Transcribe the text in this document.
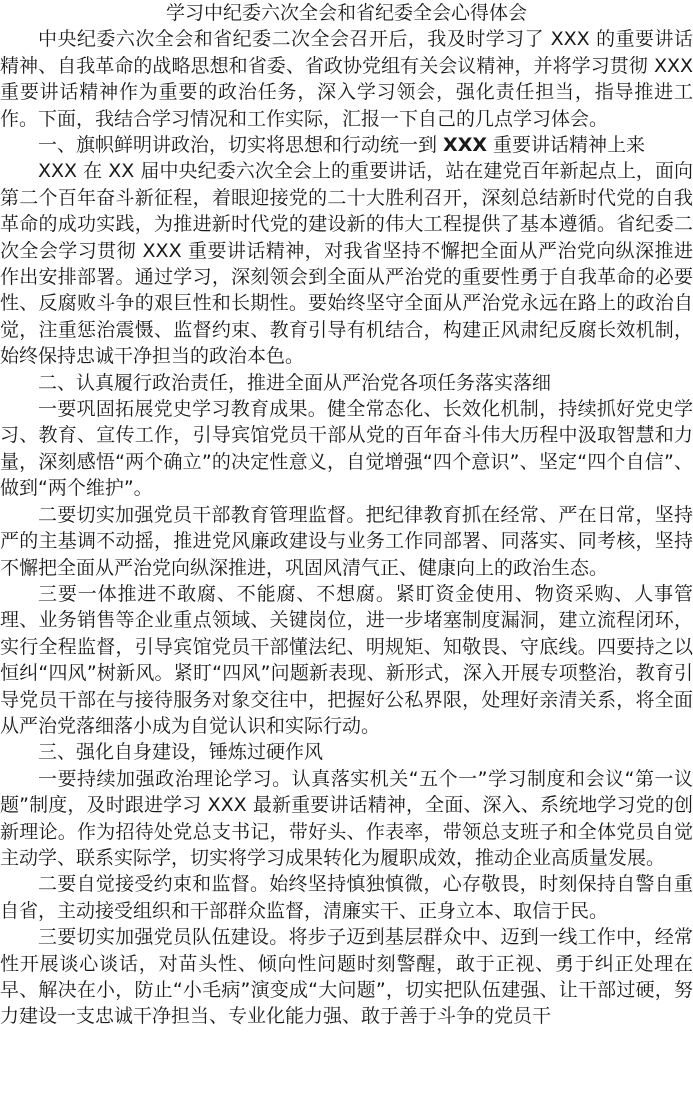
学习中纪委六次全会和省纪委全会心得体会

中央纪委六次全会和省纪委二次全会召开后，我及时学习了 XXX 的重要讲话精神、自我革命的战略思想和省委、省政协党组有关会议精神，并将学习贯彻 XXX 重要讲话精神作为重要的政治任务，深入学习领会，强化责任担当，指导推进工作。下面，我结合学习情况和工作实际，汇报一下自己的几点学习体会。

一、旗帜鲜明讲政治，切实将思想和行动统一到 XXX 重要讲话精神上来

XXX 在 XX 届中央纪委六次全会上的重要讲话，站在建党百年新起点上，面向第二个百年奋斗新征程，着眼迎接党的二十大胜利召开，深刻总结新时代党的自我革命的成功实践，为推进新时代党的建设新的伟大工程提供了基本遵循。省纪委二次全会学习贯彻 XXX 重要讲话精神，对我省坚持不懈把全面从严治党向纵深推进作出安排部署。通过学习，深刻领会到全面从严治党的重要性勇于自我革命的必要性、反腐败斗争的艰巨性和长期性。要始终坚守全面从严治党永远在路上的政治自觉，注重惩治震慑、监督约束、教育引导有机结合，构建正风肃纪反腐长效机制，始终保持忠诚干净担当的政治本色。

二、认真履行政治责任，推进全面从严治党各项任务落实落细

一要巩固拓展党史学习教育成果。健全常态化、长效化机制，持续抓好党史学习、教育、宣传工作，引导宾馆党员干部从党的百年奋斗伟大历程中汲取智慧和力量，深刻感悟“两个确立”的决定性意义，自觉增强“四个意识”、坚定“四个自信”、做到“两个维护”。

二要切实加强党员干部教育管理监督。把纪律教育抓在经常、严在日常，坚持严的主基调不动摇，推进党风廉政建设与业务工作同部署、同落实、同考核，坚持不懈把全面从严治党向纵深推进，巩固风清气正、健康向上的政治生态。

三要一体推进不敢腐、不能腐、不想腐。紧盯资金使用、物资采购、人事管理、业务销售等企业重点领域、关键岗位，进一步堵塞制度漏洞，建立流程闭环，实行全程监督，引导宾馆党员干部懂法纪、明规矩、知敬畏、守底线。四要持之以恒纠“四风”树新风。紧盯“四风”问题新表现、新形式，深入开展专项整治，教育引导党员干部在与接待服务对象交往中，把握好公私界限，处理好亲清关系，将全面从严治党落细落小成为自觉认识和实际行动。

三、强化自身建设，锤炼过硬作风

一要持续加强政治理论学习。认真落实机关“五个一”学习制度和会议“第一议题”制度，及时跟进学习 XXX 最新重要讲话精神，全面、深入、系统地学习党的创新理论。作为招待处党总支书记，带好头、作表率，带领总支班子和全体党员自觉主动学、联系实际学，切实将学习成果转化为履职成效，推动企业高质量发展。

二要自觉接受约束和监督。始终坚持慎独慎微，心存敬畏，时刻保持自警自重自省，主动接受组织和干部群众监督，清廉实干、正身立本、取信于民。

三要切实加强党员队伍建设。将步子迈到基层群众中、迈到一线工作中，经常性开展谈心谈话，对苗头性、倾向性问题时刻警醒，敢于正视、勇于纠正处理在早、解决在小，防止“小毛病”演变成“大问题”，切实把队伍建强、让干部过硬，努力建设一支忠诚干净担当、专业化能力强、敢于善于斗争的党员干
